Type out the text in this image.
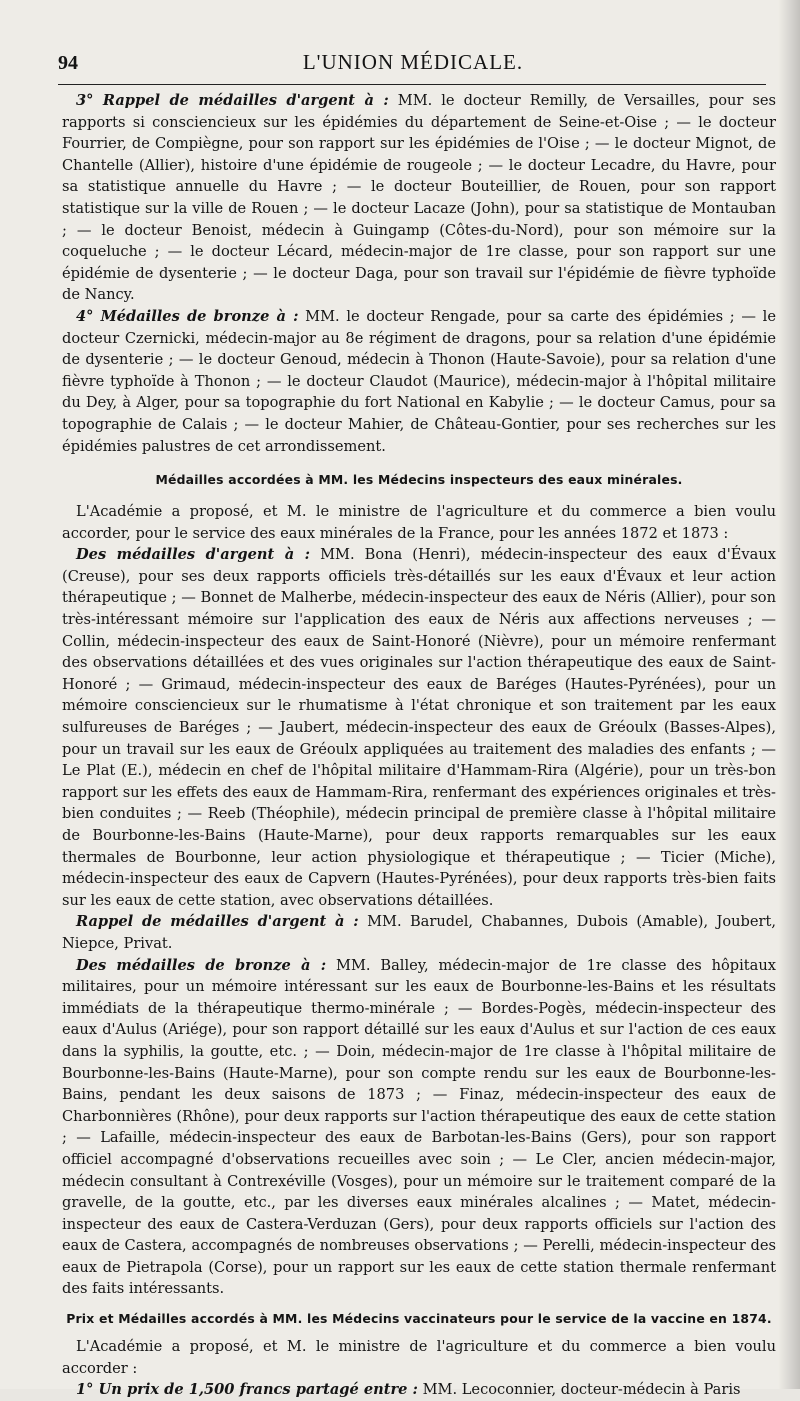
94	L'UNION MÉDICALE.

3° Rappel de médailles d'argent à : MM. le docteur Remilly, de Versailles, pour ses rapports si consciencieux sur les épidémies du département de Seine-et-Oise ; — le docteur Fourrier, de Compiègne, pour son rapport sur les épidémies de l'Oise ; — le docteur Mignot, de Chantelle (Allier), histoire d'une épidémie de rougeole ; — le docteur Lecadre, du Havre, pour sa statistique annuelle du Havre ; — le docteur Bouteillier, de Rouen, pour son rapport statistique sur la ville de Rouen ; — le docteur Lacaze (John), pour sa statistique de Montauban ; — le docteur Benoist, médecin à Guingamp (Côtes-du-Nord), pour son mémoire sur la coqueluche ; — le docteur Lécard, médecin-major de 1re classe, pour son rapport sur une épidémie de dysenterie ; — le docteur Daga, pour son travail sur l'épidémie de fièvre typhoïde de Nancy.

4° Médailles de bronze à : MM. le docteur Rengade, pour sa carte des épidémies ; — le docteur Czernicki, médecin-major au 8e régiment de dragons, pour sa relation d'une épidémie de dysenterie ; — le docteur Genoud, médecin à Thonon (Haute-Savoie), pour sa relation d'une fièvre typhoïde à Thonon ; — le docteur Claudot (Maurice), médecin-major à l'hôpital militaire du Dey, à Alger, pour sa topographie du fort National en Kabylie ; — le docteur Camus, pour sa topographie de Calais ; — le docteur Mahier, de Château-Gontier, pour ses recherches sur les épidémies palustres de cet arrondissement.

Médailles accordées à MM. les Médecins inspecteurs des eaux minérales.

L'Académie a proposé, et M. le ministre de l'agriculture et du commerce a bien voulu accorder, pour le service des eaux minérales de la France, pour les années 1872 et 1873 :

Des médailles d'argent à : MM. Bona (Henri), médecin-inspecteur des eaux d'Évaux (Creuse), pour ses deux rapports officiels très-détaillés sur les eaux d'Évaux et leur action thérapeutique ; — Bonnet de Malherbe, médecin-inspecteur des eaux de Néris (Allier), pour son très-intéressant mémoire sur l'application des eaux de Néris aux affections nerveuses ; — Collin, médecin-inspecteur des eaux de Saint-Honoré (Nièvre), pour un mémoire renfermant des observations détaillées et des vues originales sur l'action thérapeutique des eaux de Saint-Honoré ; — Grimaud, médecin-inspecteur des eaux de Baréges (Hautes-Pyrénées), pour un mémoire consciencieux sur le rhumatisme à l'état chronique et son traitement par les eaux sulfureuses de Baréges ; — Jaubert, médecin-inspecteur des eaux de Gréoulx (Basses-Alpes), pour un travail sur les eaux de Gréoulx appliquées au traitement des maladies des enfants ; — Le Plat (E.), médecin en chef de l'hôpital militaire d'Hammam-Rira (Algérie), pour un très-bon rapport sur les effets des eaux de Hammam-Rira, renfermant des expériences originales et très-bien conduites ; — Reeb (Théophile), médecin principal de première classe à l'hôpital militaire de Bourbonne-les-Bains (Haute-Marne), pour deux rapports remarquables sur les eaux thermales de Bourbonne, leur action physiologique et thérapeutique ; — Ticier (Miche), médecin-inspecteur des eaux de Capvern (Hautes-Pyrénées), pour deux rapports très-bien faits sur les eaux de cette station, avec observations détaillées.

Rappel de médailles d'argent à : MM. Barudel, Chabannes, Dubois (Amable), Joubert, Niepce, Privat.

Des médailles de bronze à : MM. Balley, médecin-major de 1re classe des hôpitaux militaires, pour un mémoire intéressant sur les eaux de Bourbonne-les-Bains et les résultats immédiats de la thérapeutique thermo-minérale ; — Bordes-Pogès, médecin-inspecteur des eaux d'Aulus (Ariége), pour son rapport détaillé sur les eaux d'Aulus et sur l'action de ces eaux dans la syphilis, la goutte, etc. ; — Doin, médecin-major de 1re classe à l'hôpital militaire de Bourbonne-les-Bains (Haute-Marne), pour son compte rendu sur les eaux de Bourbonne-les-Bains, pendant les deux saisons de 1873 ; — Finaz, médecin-inspecteur des eaux de Charbonnières (Rhône), pour deux rapports sur l'action thérapeutique des eaux de cette station ; — Lafaille, médecin-inspecteur des eaux de Barbotan-les-Bains (Gers), pour son rapport officiel accompagné d'observations recueilles avec soin ; — Le Cler, ancien médecin-major, médecin consultant à Contrexéville (Vosges), pour un mémoire sur le traitement comparé de la gravelle, de la goutte, etc., par les diverses eaux minérales alcalines ; — Matet, médecin-inspecteur des eaux de Castera-Verduzan (Gers), pour deux rapports officiels sur l'action des eaux de Castera, accompagnés de nombreuses observations ; — Perelli, médecin-inspecteur des eaux de Pietrapola (Corse), pour un rapport sur les eaux de cette station thermale renfermant des faits intéressants.

Prix et Médailles accordés à MM. les Médecins vaccinateurs pour le service de la vaccine en 1874.

L'Académie a proposé, et M. le ministre de l'agriculture et du commerce a bien voulu accorder :

1° Un prix de 1,500 francs partagé entre : MM. Lecoconnier, docteur-médecin à Paris
